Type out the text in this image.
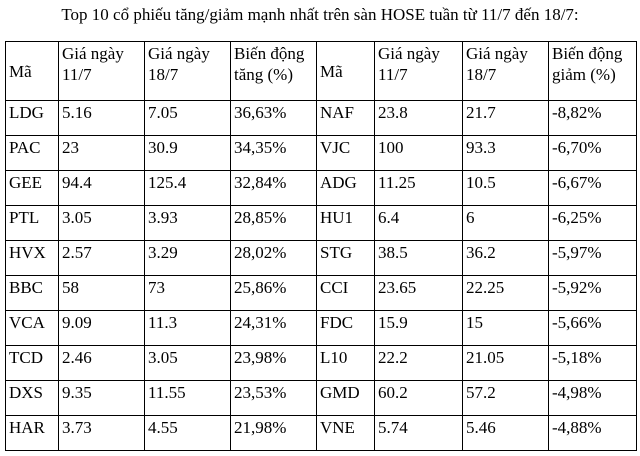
Top 10 cổ phiếu tăng/giảm mạnh nhất trên sàn HOSE tuần từ 11/7 đến 18/7:
Mã	Giá ngày 11/7	Giá ngày 18/7	Biến động tăng (%)	Mã	Giá ngày 11/7	Giá ngày 18/7	Biến động giảm (%)
LDG	5.16	7.05	36,63%	NAF	23.8	21.7	-8,82%
PAC	23	30.9	34,35%	VJC	100	93.3	-6,70%
GEE	94.4	125.4	32,84%	ADG	11.25	10.5	-6,67%
PTL	3.05	3.93	28,85%	HU1	6.4	6	-6,25%
HVX	2.57	3.29	28,02%	STG	38.5	36.2	-5,97%
BBC	58	73	25,86%	CCI	23.65	22.25	-5,92%
VCA	9.09	11.3	24,31%	FDC	15.9	15	-5,66%
TCD	2.46	3.05	23,98%	L10	22.2	21.05	-5,18%
DXS	9.35	11.55	23,53%	GMD	60.2	57.2	-4,98%
HAR	3.73	4.55	21,98%	VNE	5.74	5.46	-4,88%
